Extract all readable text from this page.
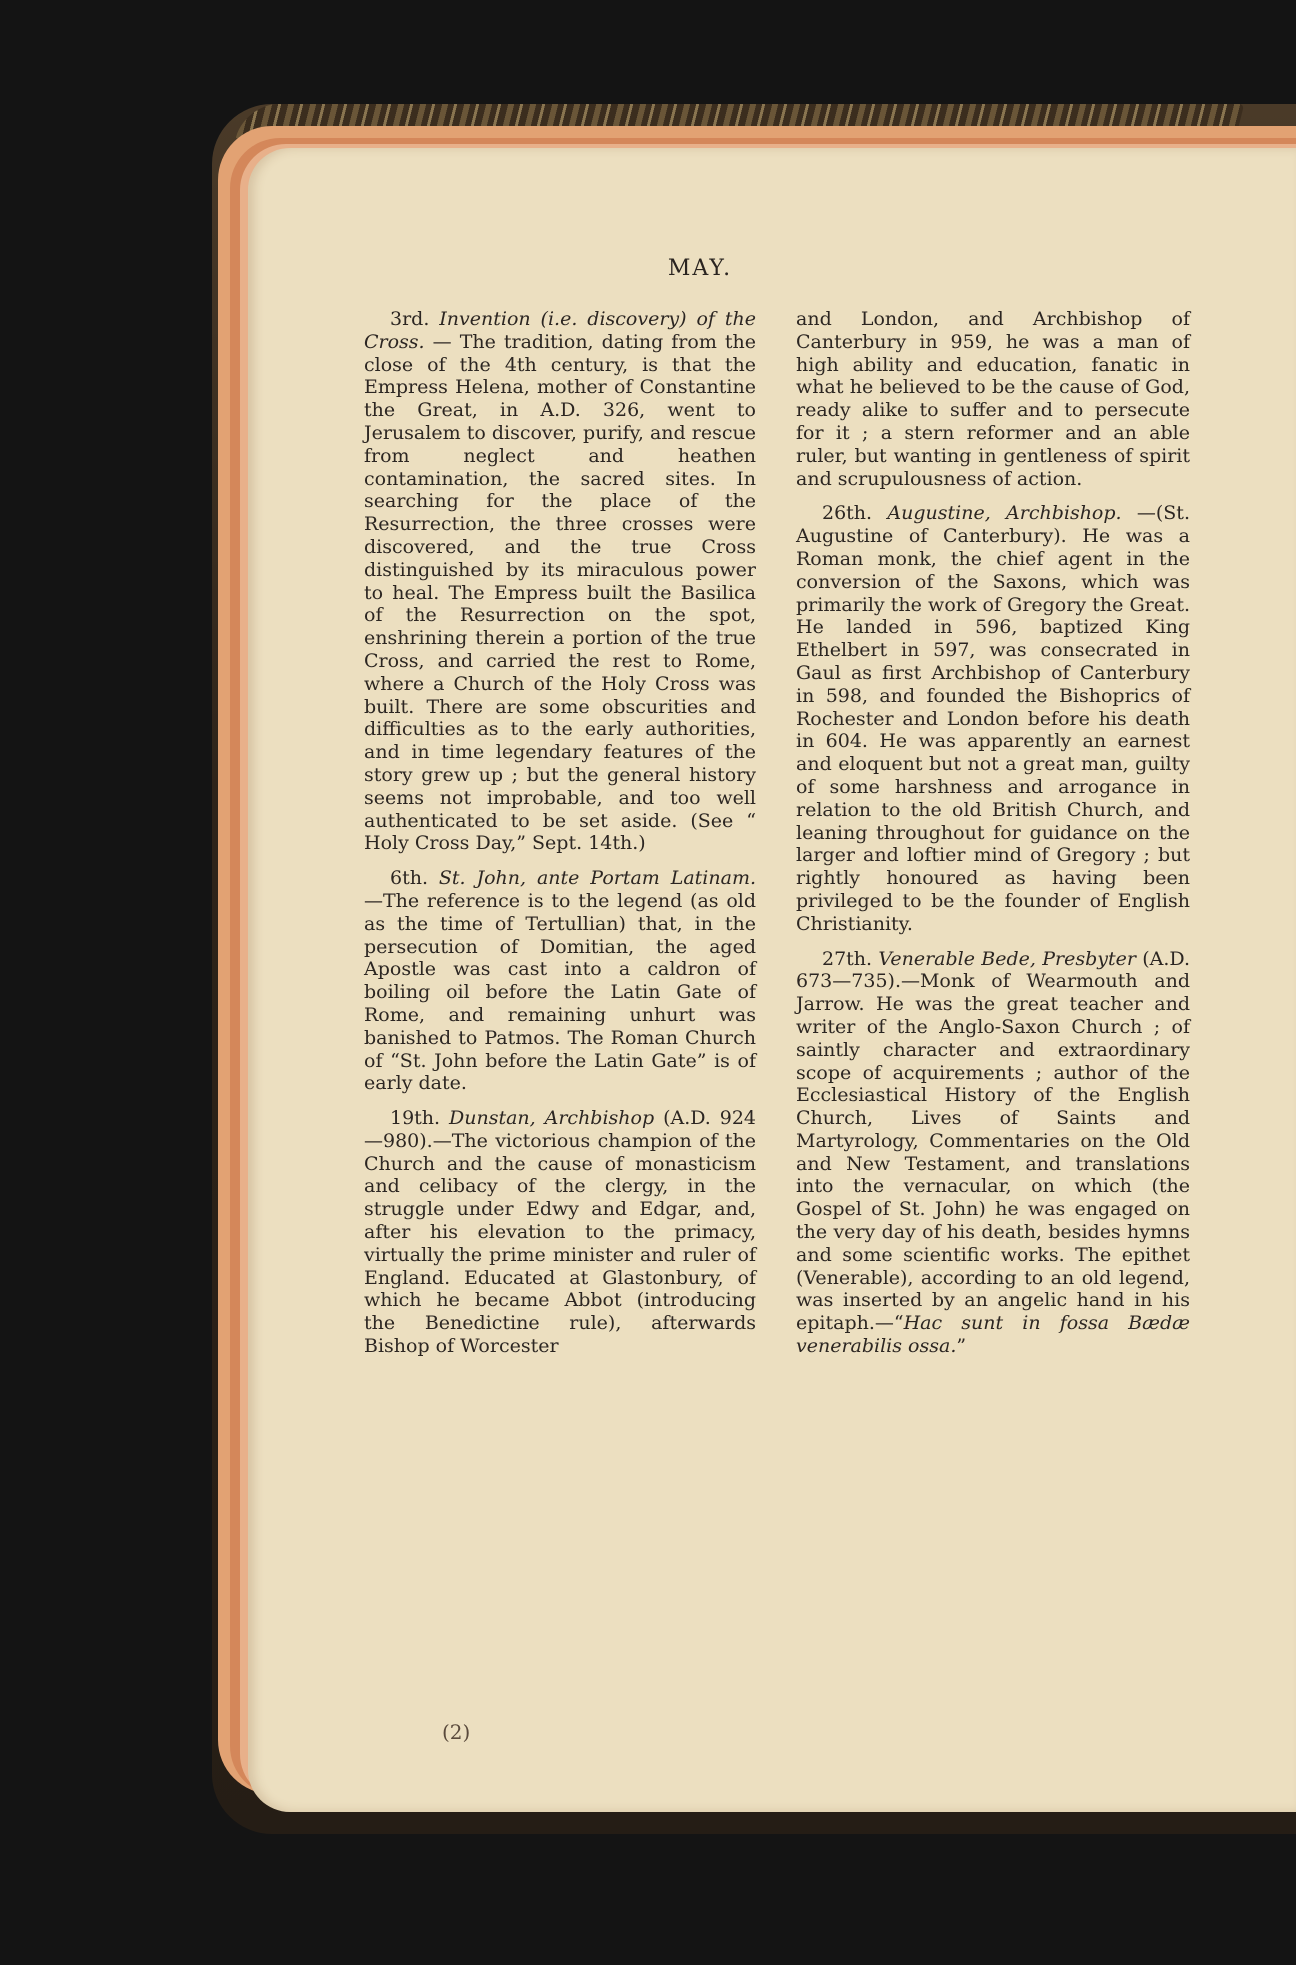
MAY.

3rd. Invention (i.e. discovery) of the Cross. — The tradition, dating from the close of the 4th century, is that the Empress Helena, mother of Constantine the Great, in A.D. 326, went to Jerusalem to discover, purify, and rescue from neglect and heathen contamination, the sacred sites. In searching for the place of the Resurrection, the three crosses were discovered, and the true Cross distinguished by its miraculous power to heal. The Empress built the Basilica of the Resurrection on the spot, enshrining therein a portion of the true Cross, and carried the rest to Rome, where a Church of the Holy Cross was built. There are some obscurities and difficulties as to the early authorities, and in time legendary features of the story grew up ; but the general history seems not improbable, and too well authenticated to be set aside. (See “ Holy Cross Day,” Sept. 14th.)

6th. St. John, ante Portam Latinam. —The reference is to the legend (as old as the time of Tertullian) that, in the persecution of Domitian, the aged Apostle was cast into a caldron of boiling oil before the Latin Gate of Rome, and remaining unhurt was banished to Patmos. The Roman Church of “St. John before the Latin Gate” is of early date.

19th. Dunstan, Archbishop (A.D. 924—980).—The victorious champion of the Church and the cause of monasticism and celibacy of the clergy, in the struggle under Edwy and Edgar, and, after his elevation to the primacy, virtually the prime minister and ruler of England. Educated at Glastonbury, of which he became Abbot (introducing the Benedictine rule), afterwards Bishop of Worcester

and London, and Archbishop of Canterbury in 959, he was a man of high ability and education, fanatic in what he believed to be the cause of God, ready alike to suffer and to persecute for it ; a stern reformer and an able ruler, but wanting in gentleness of spirit and scrupulousness of action.

26th. Augustine, Archbishop. —(St. Augustine of Canterbury). He was a Roman monk, the chief agent in the conversion of the Saxons, which was primarily the work of Gregory the Great. He landed in 596, baptized King Ethelbert in 597, was consecrated in Gaul as first Archbishop of Canterbury in 598, and founded the Bishoprics of Rochester and London before his death in 604. He was apparently an earnest and eloquent but not a great man, guilty of some harshness and arrogance in relation to the old British Church, and leaning throughout for guidance on the larger and loftier mind of Gregory ; but rightly honoured as having been privileged to be the founder of English Christianity.

27th. Venerable Bede, Presbyter (A.D. 673—735).—Monk of Wearmouth and Jarrow. He was the great teacher and writer of the Anglo-Saxon Church ; of saintly character and extraordinary scope of acquirements ; author of the Ecclesiastical History of the English Church, Lives of Saints and Martyrology, Commentaries on the Old and New Testament, and translations into the vernacular, on which (the Gospel of St. John) he was engaged on the very day of his death, besides hymns and some scientific works. The epithet (Venerable), according to an old legend, was inserted by an angelic hand in his epitaph.—“Hac sunt in fossa Bædæ venerabilis ossa.”

(2)
